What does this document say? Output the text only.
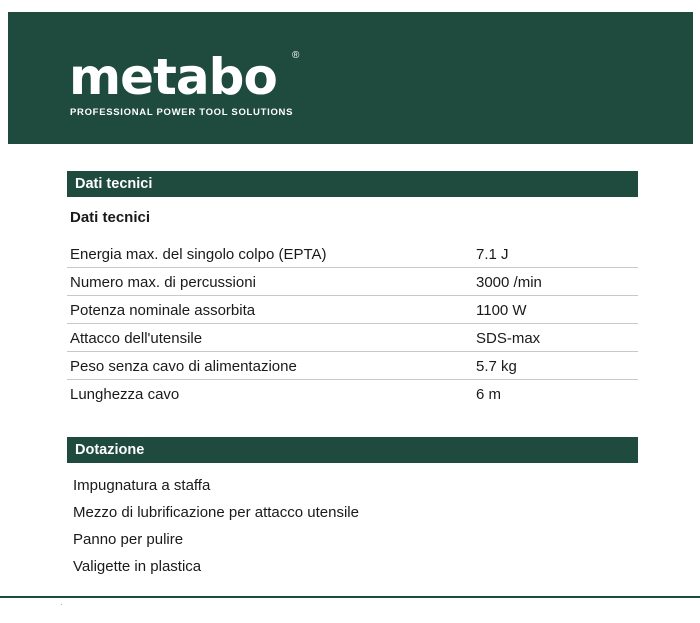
metabo	®
PROFESSIONAL POWER TOOL SOLUTIONS
Dati tecnici
Dati tecnici
Energia max. del singolo colpo (EPTA)	7.1 J
Numero max. di percussioni	3000 /min
Potenza nominale assorbita	1100 W
Attacco dell'utensile	SDS-max
Peso senza cavo di alimentazione	5.7 kg
Lunghezza cavo	6 m
Dotazione
Impugnatura a staffa
Mezzo di lubrificazione per attacco utensile
Panno per pulire
Valigette in plastica
